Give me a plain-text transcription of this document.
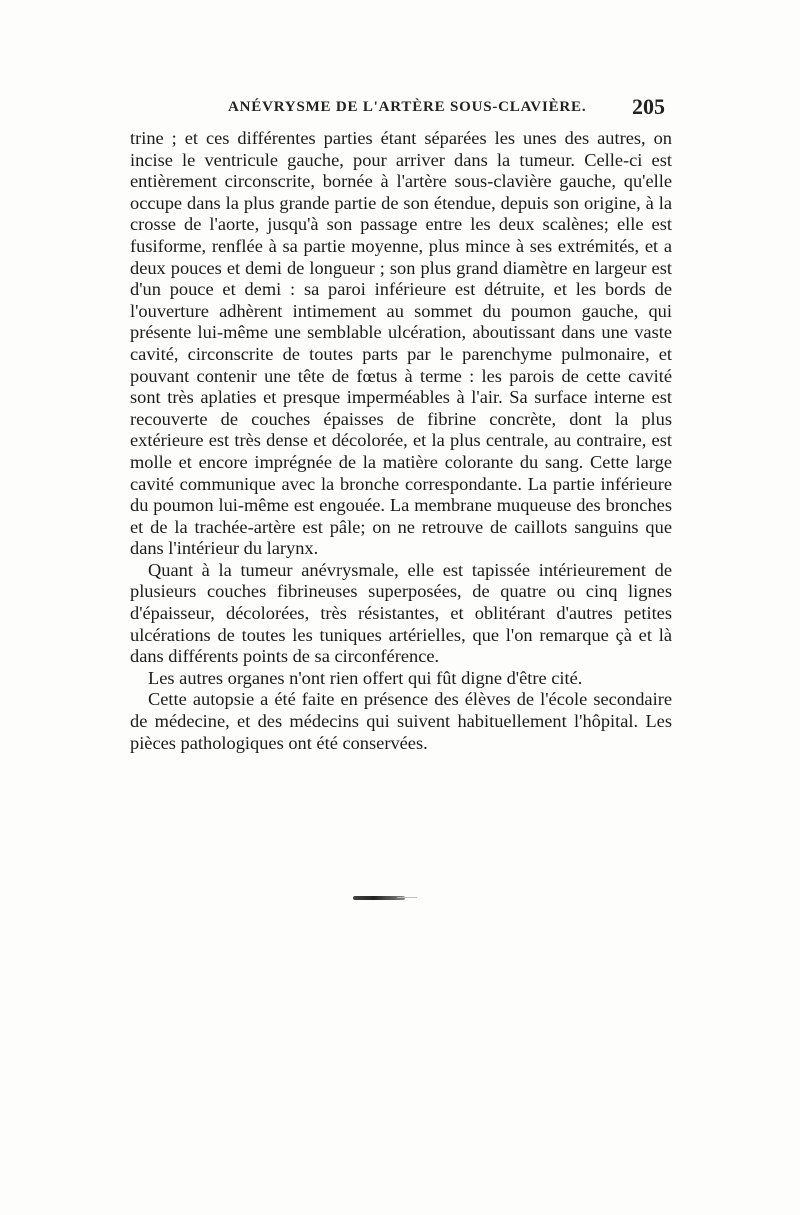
ANÉVRYSME DE L'ARTÈRE SOUS-CLAVIÈRE. 205

trine ; et ces différentes parties étant séparées les unes des autres, on incise le ventricule gauche, pour arriver dans la tumeur. Celle-ci est entièrement circonscrite, bornée à l'artère sous-clavière gauche, qu'elle occupe dans la plus grande partie de son étendue, depuis son origine, à la crosse de l'aorte, jusqu'à son passage entre les deux scalènes; elle est fusiforme, renflée à sa partie moyenne, plus mince à ses extrémités, et a deux pouces et demi de longueur ; son plus grand diamètre en largeur est d'un pouce et demi : sa paroi inférieure est détruite, et les bords de l'ouverture adhèrent intimement au sommet du poumon gauche, qui présente lui-même une semblable ulcération, aboutissant dans une vaste cavité, circonscrite de toutes parts par le parenchyme pulmonaire, et pouvant contenir une tête de fœtus à terme : les parois de cette cavité sont très aplaties et presque imperméables à l'air. Sa surface interne est recouverte de couches épaisses de fibrine concrète, dont la plus extérieure est très dense et décolorée, et la plus centrale, au contraire, est molle et encore imprégnée de la matière colorante du sang. Cette large cavité communique avec la bronche correspondante. La partie inférieure du poumon lui-même est engouée. La membrane muqueuse des bronches et de la trachée-artère est pâle; on ne retrouve de caillots sanguins que dans l'intérieur du larynx.

Quant à la tumeur anévrysmale, elle est tapissée intérieurement de plusieurs couches fibrineuses superposées, de quatre ou cinq lignes d'épaisseur, décolorées, très résistantes, et oblitérant d'autres petites ulcérations de toutes les tuniques artérielles, que l'on remarque çà et là dans différents points de sa circonférence.

Les autres organes n'ont rien offert qui fût digne d'être cité.

Cette autopsie a été faite en présence des élèves de l'école secondaire de médecine, et des médecins qui suivent habituellement l'hôpital. Les pièces pathologiques ont été conservées.
